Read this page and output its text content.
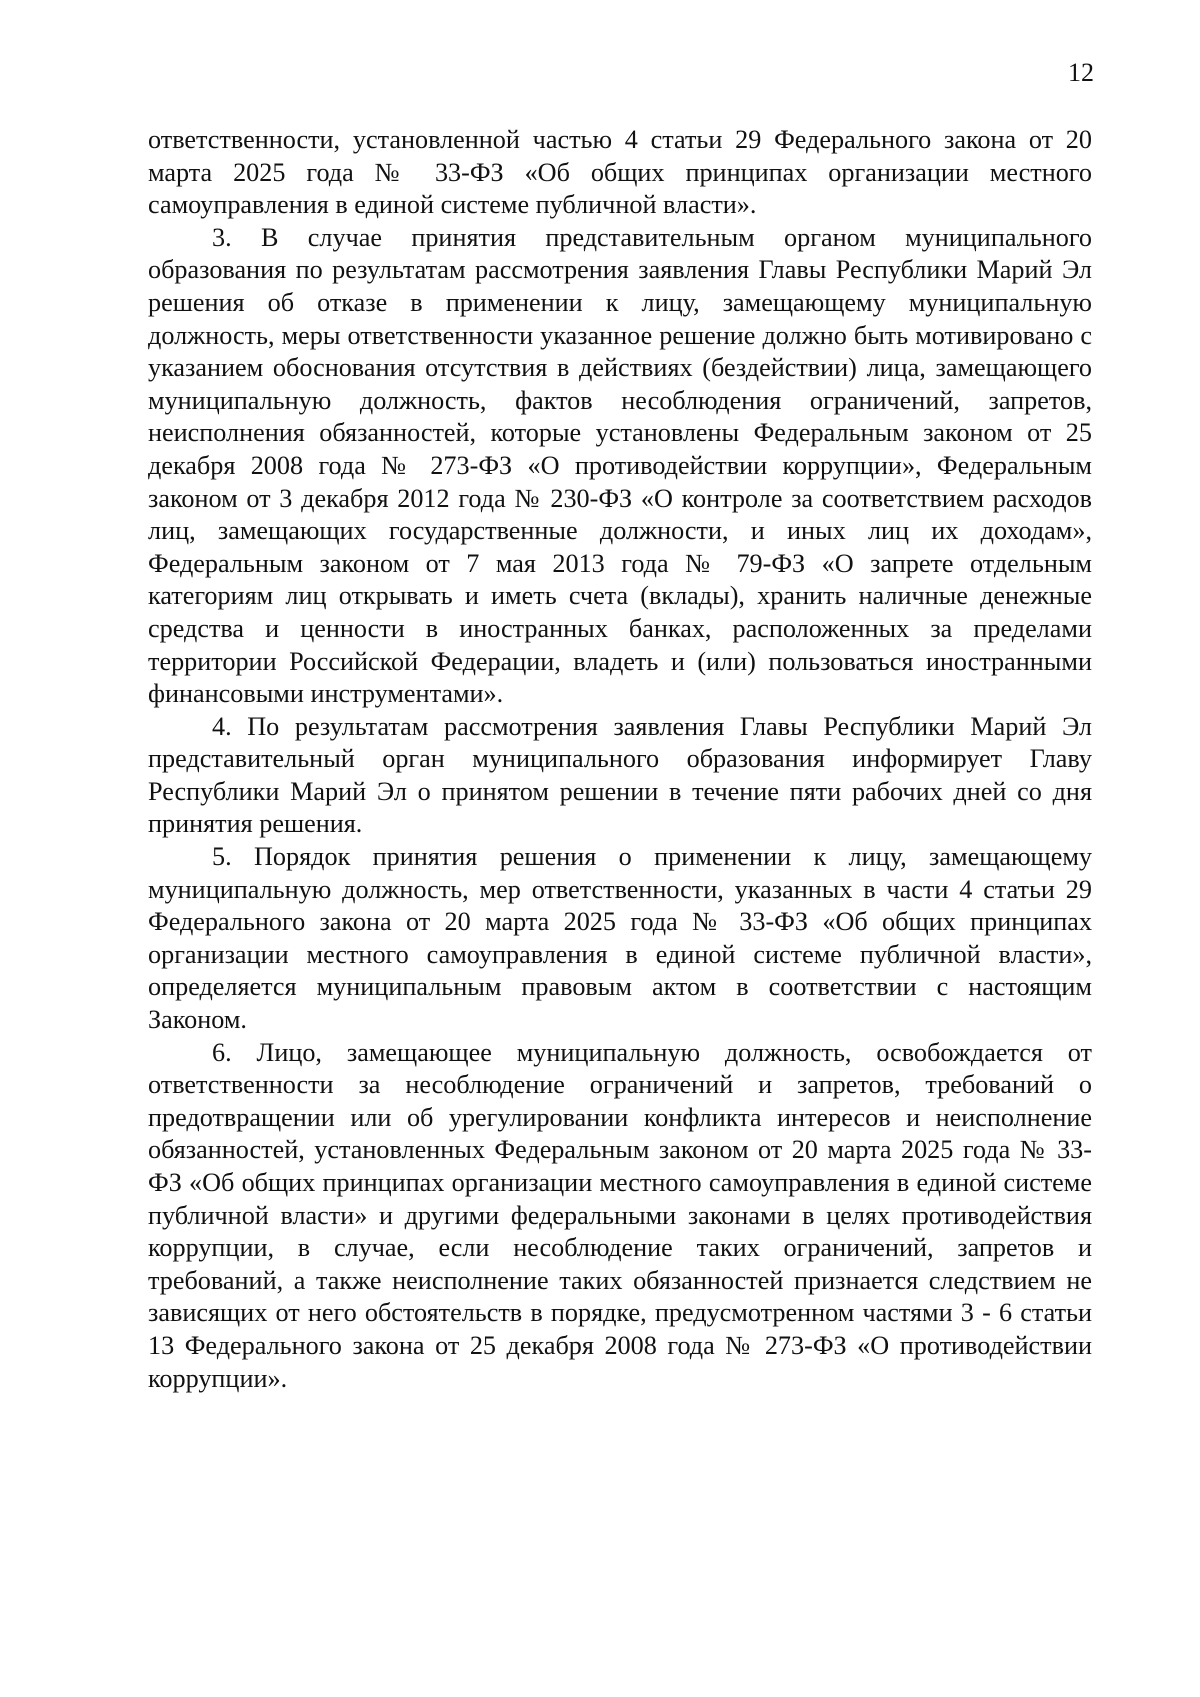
12

ответственности, установленной частью 4 статьи 29 Федерального закона от 20 марта 2025 года № 33-ФЗ «Об общих принципах организации местного самоуправления в единой системе публичной власти».

3. В случае принятия представительным органом муниципального образования по результатам рассмотрения заявления Главы Республики Марий Эл решения об отказе в применении к лицу, замещающему муниципальную должность, меры ответственности указанное решение должно быть мотивировано с указанием обоснования отсутствия в действиях (бездействии) лица, замещающего муниципальную должность, фактов несоблюдения ограничений, запретов, неисполнения обязанностей, которые установлены Федеральным законом от 25 декабря 2008 года № 273-ФЗ «О противодействии коррупции», Федеральным законом от 3 декабря 2012 года № 230-ФЗ «О контроле за соответствием расходов лиц, замещающих государственные должности, и иных лиц их доходам», Федеральным законом от 7 мая 2013 года № 79-ФЗ «О запрете отдельным категориям лиц открывать и иметь счета (вклады), хранить наличные денежные средства и ценности в иностранных банках, расположенных за пределами территории Российской Федерации, владеть и (или) пользоваться иностранными финансовыми инструментами».

4. По результатам рассмотрения заявления Главы Республики Марий Эл представительный орган муниципального образования информирует Главу Республики Марий Эл о принятом решении в течение пяти рабочих дней со дня принятия решения.

5. Порядок принятия решения о применении к лицу, замещающему муниципальную должность, мер ответственности, указанных в части 4 статьи 29 Федерального закона от 20 марта 2025 года № 33-ФЗ «Об общих принципах организации местного самоуправления в единой системе публичной власти», определяется муниципальным правовым актом в соответствии с настоящим Законом.

6. Лицо, замещающее муниципальную должность, освобождается от ответственности за несоблюдение ограничений и запретов, требований о предотвращении или об урегулировании конфликта интересов и неисполнение обязанностей, установленных Федеральным законом от 20 марта 2025 года № 33-ФЗ «Об общих принципах организации местного самоуправления в единой системе публичной власти» и другими федеральными законами в целях противодействия коррупции, в случае, если несоблюдение таких ограничений, запретов и требований, а также неисполнение таких обязанностей признается следствием не зависящих от него обстоятельств в порядке, предусмотренном частями 3 - 6 статьи 13 Федерального закона от 25 декабря 2008 года № 273-ФЗ «О противодействии коррупции».
